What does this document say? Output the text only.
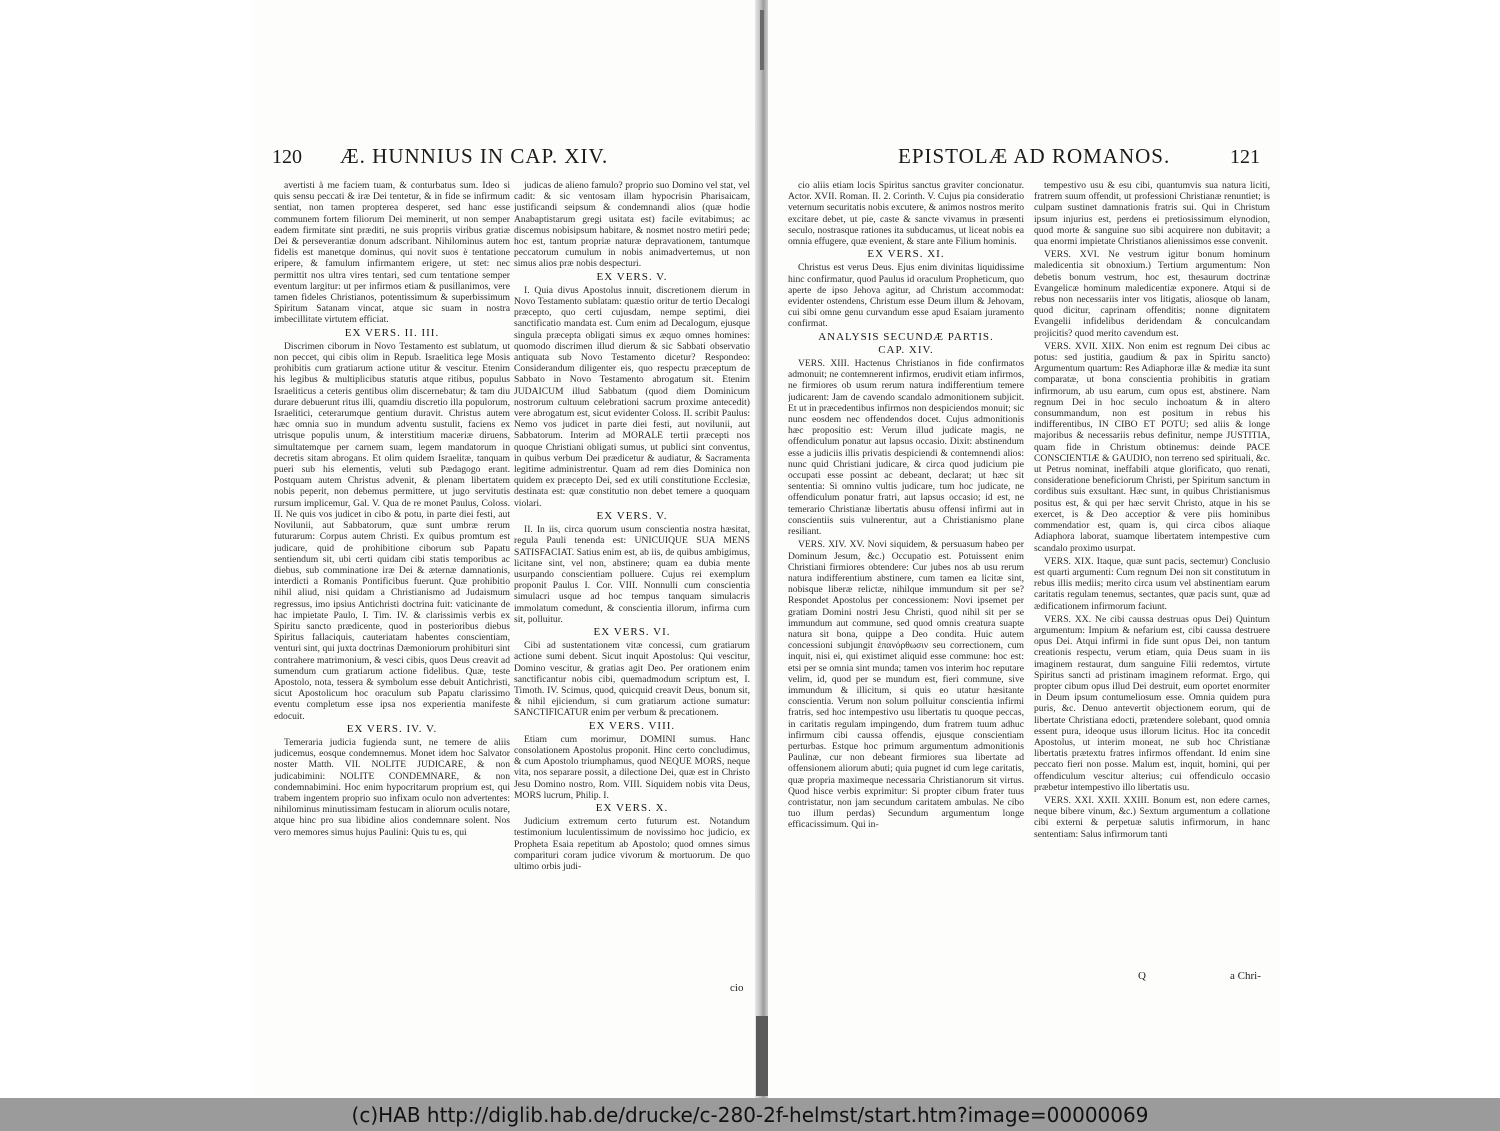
120 Æ. HUNNIUS IN CAP. XIV.

avertisti à me faciem tuam, & conturbatus sum. Ideo si quis sensu peccati & iræ Dei tentetur, & in fide se infirmum sentiat, non tamen propterea desperet, sed hanc esse communem fortem filiorum Dei meminerit, ut non semper eadem firmitate sint præditi, ne suis propriis viribus gratiæ Dei & perseverantiæ donum adscribant. Nihilominus autem fidelis est manetque dominus, qui novit suos è tentatione eripere, & famulum infirmantem erigere, ut stet: nec permittit nos ultra vires tentari, sed cum tentatione semper eventum largitur: ut per infirmos etiam & pusillanimos, vere tamen fideles Christianos, potentissimum & superbissimum Spiritum Satanam vincat, atque sic suam in nostra imbecillitate virtutem efficiat.

EX VERS. II. III.

Discrimen ciborum in Novo Testamento est sublatum, ut non peccet, qui cibis olim in Repub. Israelitica lege Mosis prohibitis cum gratiarum actione utitur & vescitur. Etenim his legibus & multiplicibus statutis atque ritibus, populus Israeliticus a ceteris gentibus olim discernebatur; & tam diu durare debuerunt ritus illi, quamdiu discretio illa populorum, Israelitici, ceterarumque gentium duravit. Christus autem hæc omnia suo in mundum adventu sustulit, faciens ex utrisque populis unum, & interstitium maceriæ diruens, simultatemque per carnem suam, legem mandatorum in decretis sitam abrogans. Et olim quidem Israelitæ, tanquam pueri sub his elementis, veluti sub Pædagogo erant. Postquam autem Christus advenit, & plenam libertatem nobis peperit, non debemus permittere, ut jugo servitutis rursum implicemur, Gal. V. Qua de re monet Paulus, Coloss. II. Ne quis vos judicet in cibo & potu, in parte diei festi, aut Novilunii, aut Sabbatorum, quæ sunt umbræ rerum futurarum: Corpus autem Christi. Ex quibus promtum est judicare, quid de prohibitione ciborum sub Papatu sentiendum sit, ubi certi quidam cibi statis temporibus ac diebus, sub comminatione iræ Dei & æternæ damnationis, interdicti a Romanis Pontificibus fuerunt. Quæ prohibitio nihil aliud, nisi quidam a Christianismo ad Judaismum regressus, imo ipsius Antichristi doctrina fuit: vaticinante de hac impietate Paulo, I. Tim. IV. & clarissimis verbis ex Spiritu sancto prædicente, quod in posterioribus diebus Spiritus fallaciquis, cauteriatam habentes conscientiam, venturi sint, qui juxta doctrinas Dæmoniorum prohibituri sint contrahere matrimonium, & vesci cibis, quos Deus creavit ad sumendum cum gratiarum actione fidelibus. Quæ, teste Apostolo, nota, tessera & symbolum esse debuit Antichristi, sicut Apostolicum hoc oraculum sub Papatu clarissimo eventu completum esse ipsa nos experientia manifeste edocuit.

EX VERS. IV. V.

Temeraria judicia fugienda sunt, ne temere de aliis judicemus, eosque condemnemus. Monet idem hoc Salvator noster Matth. VII. NOLITE JUDICARE, & non judicabimini: NOLITE CONDEMNARE, & non condemnabimini. Hoc enim hypocritarum proprium est, qui trabem ingentem proprio suo infixam oculo non advertentes: nihilominus minutissimam festucam in aliorum oculis notare, atque hinc pro sua libidine alios condemnare solent. Nos vero memores simus hujus Paulini: Quis tu es, qui

judicas de alieno famulo? proprio suo Domino vel stat, vel cadit: & sic ventosam illam hypocrisin Pharisaicam, justificandi seipsum & condemnandi alios (quæ hodie Anabaptistarum gregi usitata est) facile evitabimus; ac discemus nobisipsum habitare, & nosmet nostro metiri pede; hoc est, tantum propriæ naturæ depravationem, tantumque peccatorum cumulum in nobis animadvertemus, ut non simus alios præ nobis despecturi.

EX VERS. V.

I. Quia divus Apostolus innuit, discretionem dierum in Novo Testamento sublatam: quæstio oritur de tertio Decalogi præcepto, quo certi cujusdam, nempe septimi, diei sanctificatio mandata est. Cum enim ad Decalogum, ejusque singula præcepta obligati simus ex æquo omnes homines: quomodo discrimen illud dierum & sic Sabbati observatio antiquata sub Novo Testamento dicetur? Respondeo: Considerandum diligenter eis, quo respectu præceptum de Sabbato in Novo Testamento abrogatum sit. Etenim JUDAICUM illud Sabbatum (quod diem Dominicum nostrorum cultuum celebrationi sacrum proxime antecedit) vere abrogatum est, sicut evidenter Coloss. II. scribit Paulus: Nemo vos judicet in parte diei festi, aut novilunii, aut Sabbatorum. Interim ad MORALE tertii præcepti nos quoque Christiani obligati sumus, ut publici sint conventus, in quibus verbum Dei prædicetur & audiatur, & Sacramenta legitime administrentur. Quam ad rem dies Dominica non quidem ex præcepto Dei, sed ex utili constitutione Ecclesiæ, destinata est: quæ constitutio non debet temere a quoquam violari.

EX VERS. V.

II. In iis, circa quorum usum conscientia nostra hæsitat, regula Pauli tenenda est: UNICUIQUE SUA MENS SATISFACIAT. Satius enim est, ab iis, de quibus ambigimus, licitane sint, vel non, abstinere; quam ea dubia mente usurpando conscientiam polluere. Cujus rei exemplum proponit Paulus I. Cor. VIII. Nonnulli cum conscientia simulacri usque ad hoc tempus tanquam simulacris immolatum comedunt, & conscientia illorum, infirma cum sit, polluitur.

EX VERS. VI.

Cibi ad sustentationem vitæ concessi, cum gratiarum actione sumi debent. Sicut inquit Apostolus: Qui vescitur, Domino vescitur, & gratias agit Deo. Per orationem enim sanctificantur nobis cibi, quemadmodum scriptum est, I. Timoth. IV. Scimus, quod, quicquid creavit Deus, bonum sit, & nihil ejiciendum, si cum gratiarum actione sumatur: SANCTIFICATUR enim per verbum & precationem.

EX VERS. VIII.

Etiam cum morimur, DOMINI sumus. Hanc consolationem Apostolus proponit. Hinc certo concludimus, & cum Apostolo triumphamus, quod NEQUE MORS, neque vita, nos separare possit, a dilectione Dei, quæ est in Christo Jesu Domino nostro, Rom. VIII. Siquidem nobis vita Deus, MORS lucrum, Philip. I.

EX VERS. X.

Judicium extremum certo futurum est. Notandum testimonium luculentissimum de novissimo hoc judicio, ex Propheta Esaia repetitum ab Apostolo; quod omnes simus comparituri coram judice vivorum & mortuorum. De quo ultimo orbis judi-

cio
EPISTOLÆ AD ROMANOS.	121

cio aliis etiam locis Spiritus sanctus graviter concionatur. Actor. XVII. Roman. II. 2. Corinth. V. Cujus pia consideratio veternum securitatis nobis excutere, & animos nostros merito excitare debet, ut pie, caste & sancte vivamus in præsenti seculo, nostrasque rationes ita subducamus, ut liceat nobis ea omnia effugere, quæ evenient, & stare ante Filium hominis.

EX VERS. XI.

Christus est verus Deus. Ejus enim divinitas liquidissime hinc confirmatur, quod Paulus id oraculum Propheticum, quo aperte de ipso Jehova agitur, ad Christum accommodat: evidenter ostendens, Christum esse Deum illum & Jehovam, cui sibi omne genu curvandum esse apud Esaiam juramento confirmat.

ANALYSIS SECUNDÆ PARTIS.
CAP. XIV.

VERS. XIII. Hactenus Christianos in fide confirmatos admonuit; ne contemnerent infirmos, erudivit etiam infirmos, ne firmiores ob usum rerum natura indifferentium temere judicarent: Jam de cavendo scandalo admonitionem subjicit. Et ut in præcedentibus infirmos non despiciendos monuit; sic nunc eosdem nec offendendos docet. Cujus admonitionis hæc propositio est: Verum illud judicate magis, ne offendiculum ponatur aut lapsus occasio. Dixit: abstinendum esse a judiciis illis privatis despiciendi & contemnendi alios: nunc quid Christiani judicare, & circa quod judicium pie occupati esse possint ac debeant, declarat; ut hæc sit sententia: Si omnino vultis judicare, tum hoc judicate, ne offendiculum ponatur fratri, aut lapsus occasio; id est, ne temerario Christianæ libertatis abusu offensi infirmi aut in conscientiis suis vulnerentur, aut a Christianismo plane resiliant.

VERS. XIV. XV. Novi siquidem, & persuasum habeo per Dominum Jesum, &c.) Occupatio est. Potuissent enim Christiani firmiores obtendere: Cur jubes nos ab usu rerum natura indifferentium abstinere, cum tamen ea licitæ sint, nobisque liberæ relictæ, nihilque immundum sit per se? Respondet Apostolus per concessionem: Novi ipsemet per gratiam Domini nostri Jesu Christi, quod nihil sit per se immundum aut commune, sed quod omnis creatura suapte natura sit bona, quippe a Deo condita. Huic autem concessioni subjungit ἐπανόρθωσιν seu correctionem, cum inquit, nisi ei, qui existimet aliquid esse commune: hoc est: etsi per se omnia sint munda; tamen vos interim hoc reputare velim, id, quod per se mundum est, fieri commune, sive immundum & illicitum, si quis eo utatur hæsitante conscientia. Verum non solum polluitur conscientia infirmi fratris, sed hoc intempestivo usu libertatis tu quoque peccas, in caritatis regulam impingendo, dum fratrem tuum adhuc infirmum cibi caussa offendis, ejusque conscientiam perturbas. Estque hoc primum argumentum admonitionis Paulinæ, cur non debeant firmiores sua libertate ad offensionem aliorum abuti; quia pugnet id cum lege caritatis, quæ propria maximeque necessaria Christianorum sit virtus. Quod hisce verbis exprimitur: Si propter cibum frater tuus contristatur, non jam secundum caritatem ambulas. Ne cibo tuo illum perdas) Secundum argumentum longe efficacissimum. Qui in-

tempestivo usu & esu cibi, quantumvis sua natura liciti, fratrem suum offendit, ut professioni Christianæ renuntiet; is culpam sustinet damnationis fratris sui. Qui in Christum ipsum injurius est, perdens ei pretiosissimum elynodion, quod morte & sanguine suo sibi acquirere non dubitavit; a qua enormi impietate Christianos alienissimos esse convenit.

VERS. XVI. Ne vestrum igitur bonum hominum maledicentia sit obnoxium.) Tertium argumentum: Non debetis bonum vestrum, hoc est, thesaurum doctrinæ Evangelicæ hominum maledicentiæ exponere. Atqui si de rebus non necessariis inter vos litigatis, aliosque ob lanam, quod dicitur, caprinam offenditis; nonne dignitatem Evangelii infidelibus deridendam & conculcandam projicitis? quod merito cavendum est.

VERS. XVII. XIIX. Non enim est regnum Dei cibus ac potus: sed justitia, gaudium & pax in Spiritu sancto) Argumentum quartum: Res Adiaphoræ illæ & mediæ ita sunt comparatæ, ut bona conscientia prohibitis in gratiam infirmorum, ab usu earum, cum opus est, abstinere. Nam regnum Dei in hoc seculo inchoatum & in altero consummandum, non est positum in rebus his indifferentibus, IN CIBO ET POTU; sed aliis & longe majoribus & necessariis rebus definitur, nempe JUSTITIA, quam fide in Christum obtinemus: deinde PACE CONSCIENTIÆ & GAUDIO, non terreno sed spirituali, &c. ut Petrus nominat, ineffabili atque glorificato, quo renati, consideratione beneficiorum Christi, per Spiritum sanctum in cordibus suis exsultant. Hæc sunt, in quibus Christianismus positus est, & qui per hæc servit Christo, atque in his se exercet, is & Deo acceptior & vere piis hominibus commendatior est, quam is, qui circa cibos aliaque Adiaphora laborat, suamque libertatem intempestive cum scandalo proximo usurpat.

VERS. XIX. Itaque, quæ sunt pacis, sectemur) Conclusio est quarti argumenti: Cum regnum Dei non sit constitutum in rebus illis mediis; merito circa usum vel abstinentiam earum caritatis regulam tenemus, sectantes, quæ pacis sunt, quæ ad ædificationem infirmorum faciunt.

VERS. XX. Ne cibi caussa destruas opus Dei) Quintum argumentum: Impium & nefarium est, cibi caussa destruere opus Dei. Atqui infirmi in fide sunt opus Dei, non tantum creationis respectu, verum etiam, quia Deus suam in iis imaginem restaurat, dum sanguine Filii redemtos, virtute Spiritus sancti ad pristinam imaginem reformat. Ergo, qui propter cibum opus illud Dei destruit, eum oportet enormiter in Deum ipsum contumeliosum esse. Omnia quidem pura puris, &c. Denuo antevertit objectionem eorum, qui de libertate Christiana edocti, prætendere solebant, quod omnia essent pura, ideoque usus illorum licitus. Hoc ita concedit Apostolus, ut interim moneat, ne sub hoc Christianæ libertatis prætextu fratres infirmos offendant. Id enim sine peccato fieri non posse. Malum est, inquit, homini, qui per offendiculum vescitur alterius; cui offendiculo occasio præbetur intempestivo illo libertatis usu.

VERS. XXI. XXII. XXIII. Bonum est, non edere carnes, neque bibere vinum, &c.) Sextum argumentum a collatione cibi externi & perpetuæ salutis infirmorum, in hanc sententiam: Salus infirmorum tanti

Q	a Chri-
(c)HAB http://diglib.hab.de/drucke/c-280-2f-helmst/start.htm?image=00000069
